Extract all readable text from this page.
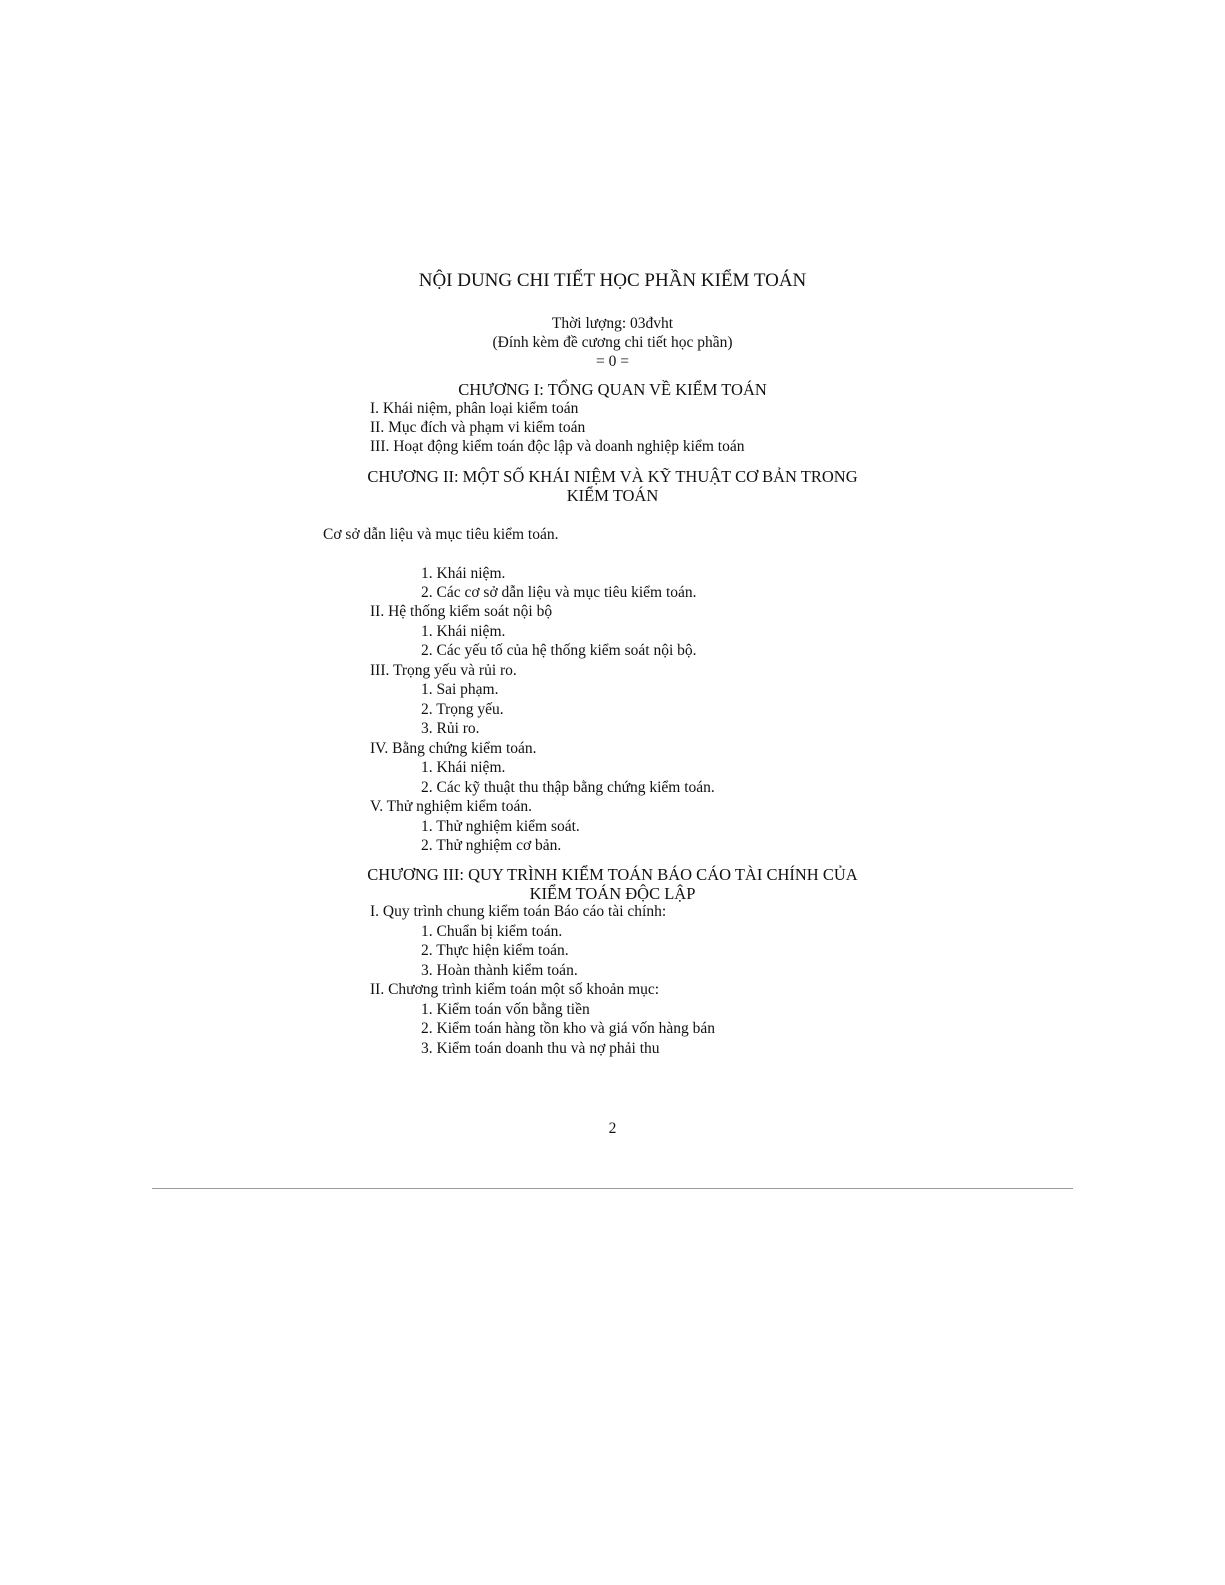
NỘI DUNG CHI TIẾT HỌC PHẦN KIỂM TOÁN
Thời lượng: 03đvht
(Đính kèm đề cương chi tiết học phần)
= 0 =
CHƯƠNG I: TỔNG QUAN VỀ KIỂM TOÁN
I. Khái niệm, phân loại kiểm toán
II. Mục đích và phạm vi kiểm toán
III. Hoạt động kiểm toán độc lập và doanh nghiệp kiểm toán
CHƯƠNG II: MỘT SỐ KHÁI NIỆM VÀ KỸ THUẬT CƠ BẢN TRONG
KIỂM TOÁN
Cơ sở dẫn liệu và mục tiêu kiểm toán.
1. Khái niệm.
2. Các cơ sở dẫn liệu và mục tiêu kiểm toán.
II. Hệ thống kiểm soát nội bộ
1. Khái niệm.
2. Các yếu tố của hệ thống kiểm soát nội bộ.
III. Trọng yếu và rủi ro.
1. Sai phạm.
2. Trọng yếu.
3. Rủi ro.
IV. Bằng chứng kiểm toán.
1. Khái niệm.
2. Các kỹ thuật thu thập bằng chứng kiểm toán.
V. Thử nghiệm kiểm toán.
1. Thử nghiệm kiểm soát.
2. Thử nghiệm cơ bản.
CHƯƠNG III: QUY TRÌNH KIỂM TOÁN BÁO CÁO TÀI CHÍNH CỦA
KIỂM TOÁN ĐỘC LẬP
I. Quy trình chung kiểm toán Báo cáo tài chính:
1. Chuẩn bị kiểm toán.
2. Thực hiện kiểm toán.
3. Hoàn thành kiểm toán.
II. Chương trình kiểm toán một số khoản mục:
1. Kiểm toán vốn bằng tiền
2. Kiểm toán hàng tồn kho và giá vốn hàng bán
3. Kiểm toán doanh thu và nợ phải thu
2
